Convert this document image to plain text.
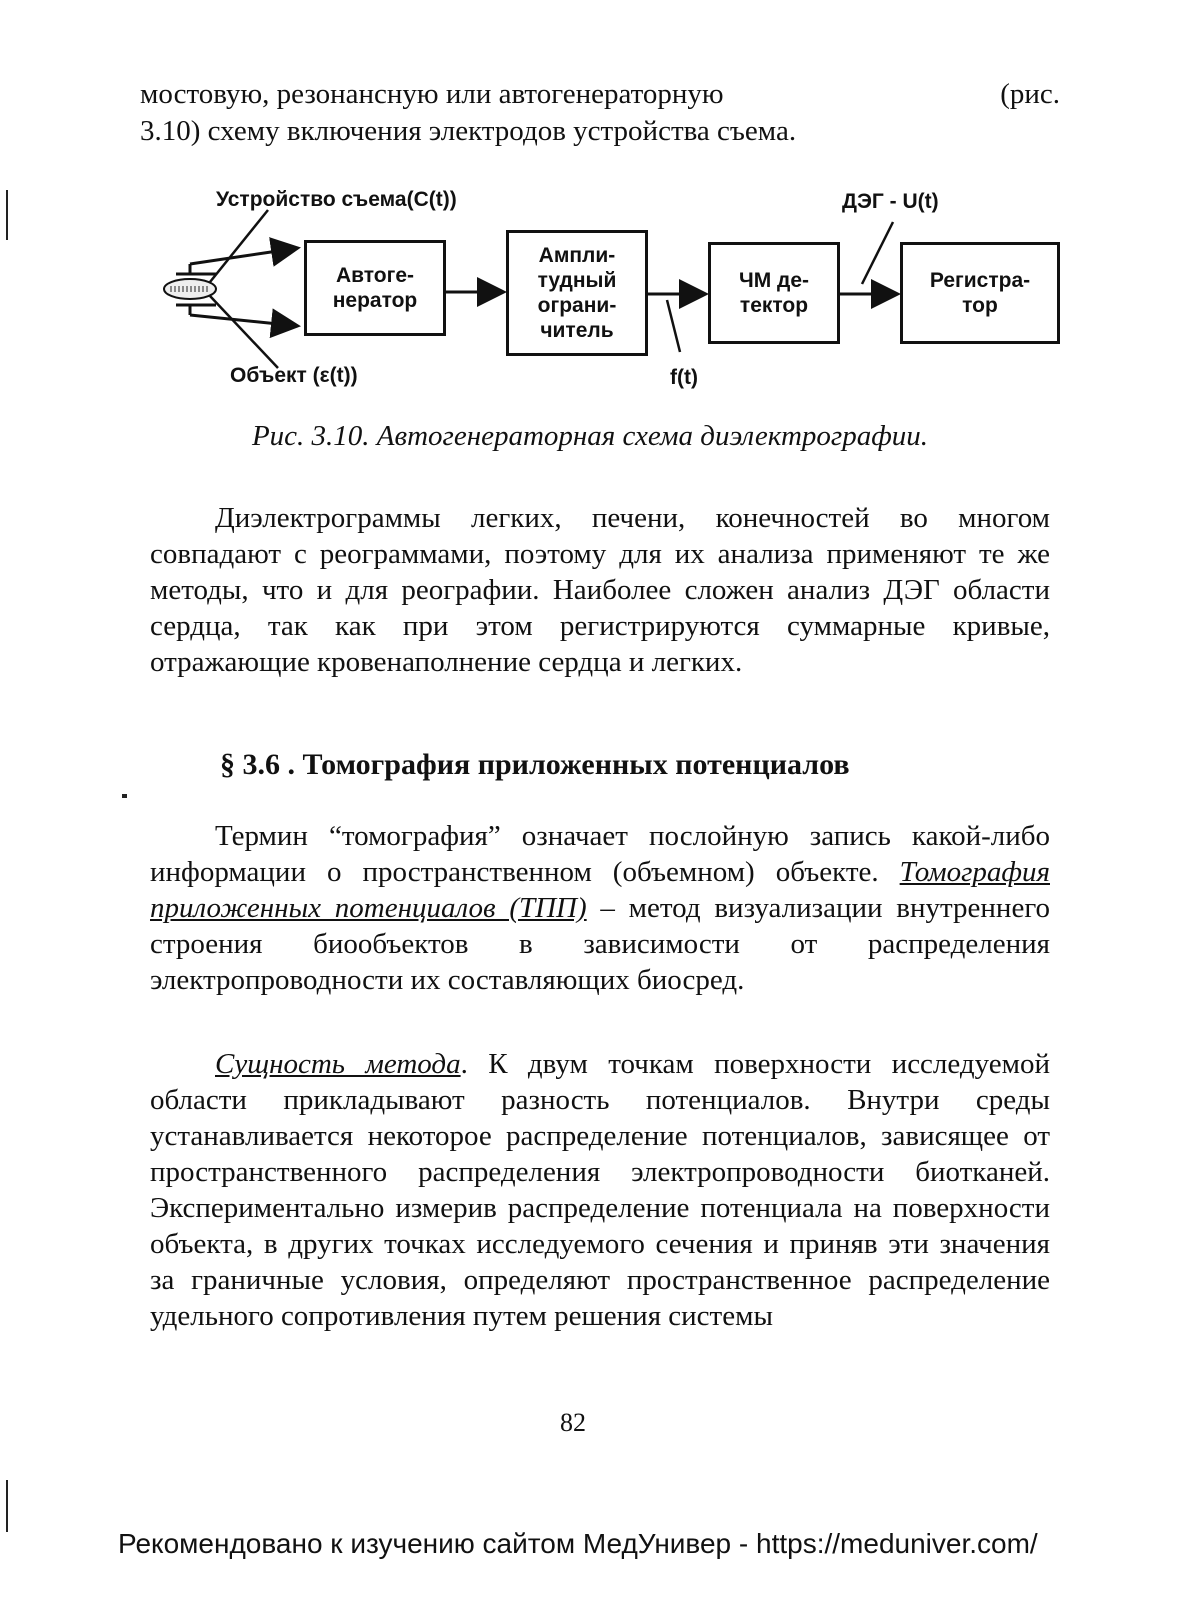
мостовую, резонансную или автогенераторную	(рис.
3.10) схему включения электродов устройства съема.

Устройство съема(C(t))

Объект (ε(t))

ДЭГ - U(t)

f(t)

Автоге-
нератор
Ампли-
тудный
ограни-
читель
ЧМ де-
тектор
Регистра-
тор

Рис. 3.10. Автогенераторная схема диэлектрографии.

Диэлектрограммы легких, печени, конечностей во многом совпадают с реограммами, поэтому для их анализа применяют те же методы, что и для реографии. Наиболее сложен анализ ДЭГ области сердца, так как при этом регистрируются суммарные кривые, отражающие кровенаполнение сердца и легких.

§ 3.6 . Томография приложенных потенциалов

Термин “томография” означает послойную запись какой-либо информации о пространственном (объемном) объекте. Томография приложенных потенциалов (ТПП) – метод визуализации внутреннего строения биообъектов в зависимости от распределения электропроводности их составляющих биосред.

Сущность метода. К двум точкам поверхности исследуемой области прикладывают разность потенциалов. Внутри среды устанавливается некоторое распределение потенциалов, зависящее от пространственного распределения электропроводности биотканей. Экспериментально измерив распределение потенциала на поверхности объекта, в других точках исследуемого сечения и приняв эти значения за граничные условия, определяют пространственное распределение удельного сопротивления путем решения системы

82

Рекомендовано к изучению сайтом МедУнивер - https://meduniver.com/
